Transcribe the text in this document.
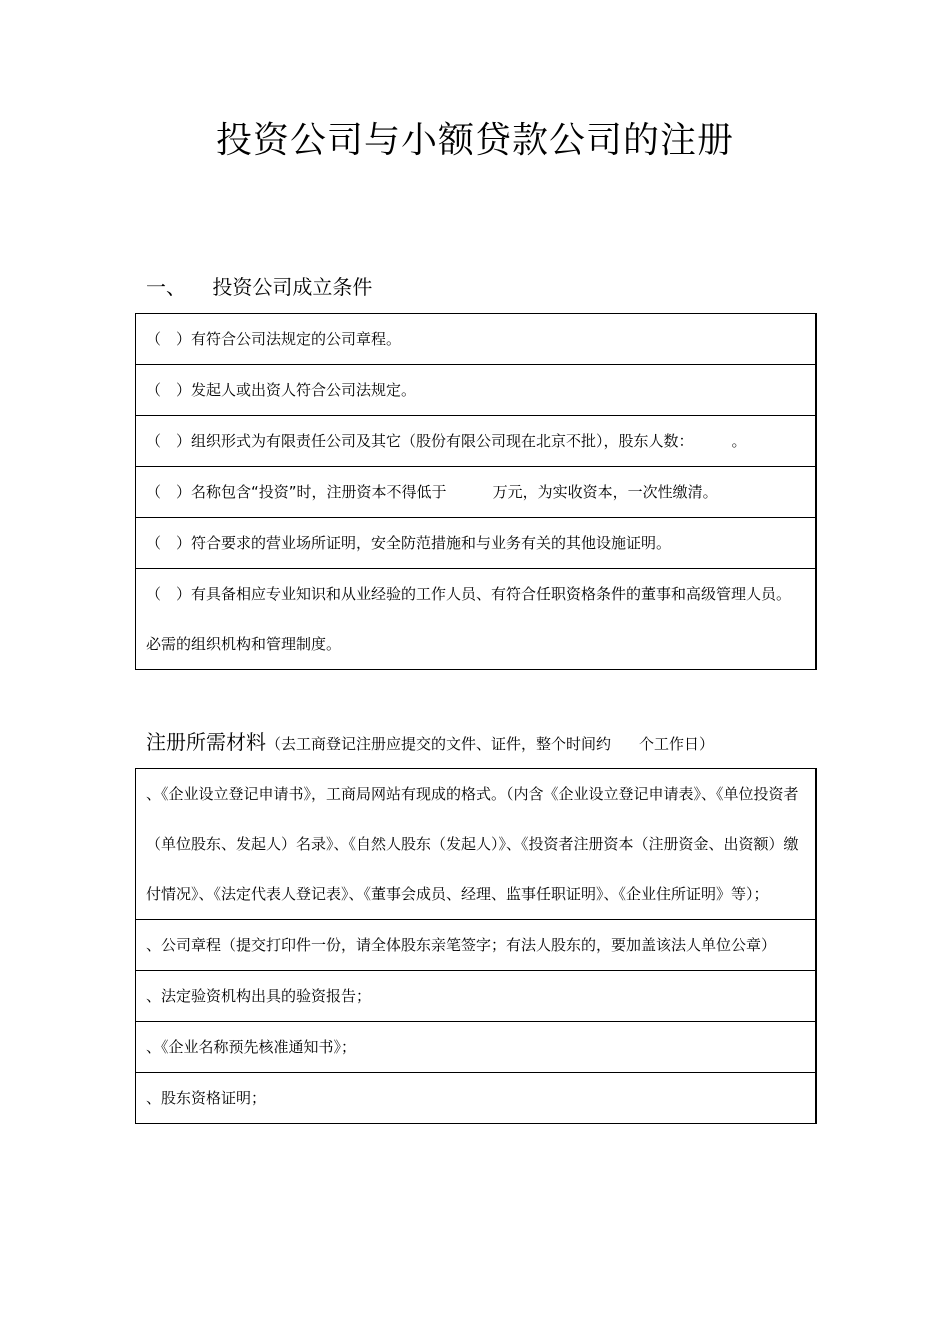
投资公司与小额贷款公司的注册
一、 投资公司成立条件
（　）有符合公司法规定的公司章程。
（　）发起人或出资人符合公司法规定。
（　）组织形式为有限责任公司及其它（股份有限公司现在北京不批），股东人数：	。
（　）名称包含“投资”时，注册资本不得低于	万元，为实收资本，一次性缴清。
（　）符合要求的营业场所证明，安全防范措施和与业务有关的其他设施证明。
（　）有具备相应专业知识和从业经验的工作人员、有符合任职资格条件的董事和高级管理人员。必需的组织机构和管理制度。
注册所需材料（去工商登记注册应提交的文件、证件，整个时间约 个工作日）
、《企业设立登记申请书》，工商局网站有现成的格式。（内含《企业设立登记申请表》、《单位投资者（单位股东、发起人）名录》、《自然人股东（发起人）》、《投资者注册资本（注册资金、出资额）缴付情况》、《法定代表人登记表》、《董事会成员、经理、监事任职证明》、《企业住所证明》等）；
、公司章程（提交打印件一份，请全体股东亲笔签字；有法人股东的，要加盖该法人单位公章）
、法定验资机构出具的验资报告；
、《企业名称预先核准通知书》；
、股东资格证明；
